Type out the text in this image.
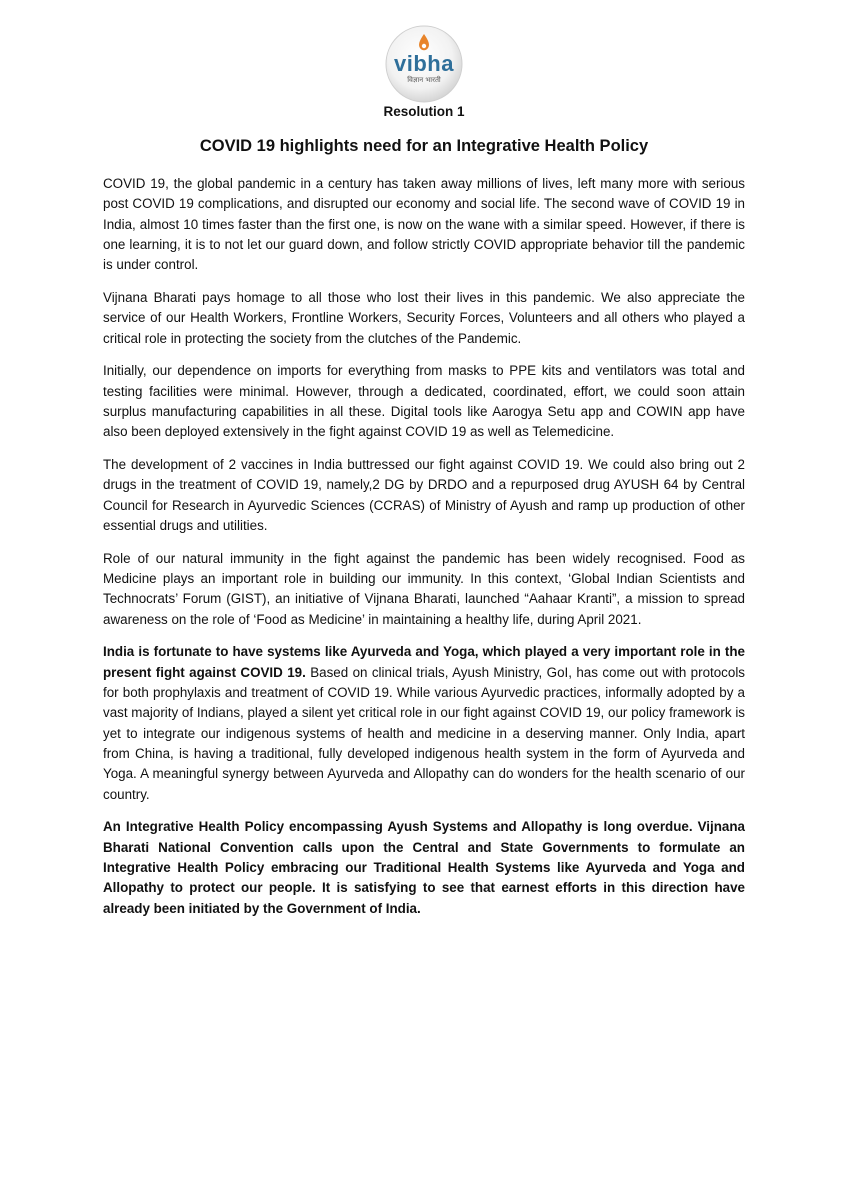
vibha
विज्ञान भारती
Resolution 1
COVID 19 highlights need for an Integrative Health Policy

COVID 19, the global pandemic in a century has taken away millions of lives, left many more with serious post COVID 19 complications, and disrupted our economy and social life. The second wave of COVID 19 in India, almost 10 times faster than the first one, is now on the wane with a similar speed. However, if there is one learning, it is to not let our guard down, and follow strictly COVID appropriate behavior till the pandemic is under control.

Vijnana Bharati pays homage to all those who lost their lives in this pandemic. We also appreciate the service of our Health Workers, Frontline Workers, Security Forces, Volunteers and all others who played a critical role in protecting the society from the clutches of the Pandemic.

Initially, our dependence on imports for everything from masks to PPE kits and ventilators was total and testing facilities were minimal. However, through a dedicated, coordinated, effort, we could soon attain surplus manufacturing capabilities in all these. Digital tools like Aarogya Setu app and COWIN app have also been deployed extensively in the fight against COVID 19 as well as Telemedicine.

The development of 2 vaccines in India buttressed our fight against COVID 19. We could also bring out 2 drugs in the treatment of COVID 19, namely,2 DG by DRDO and a repurposed drug AYUSH 64 by Central Council for Research in Ayurvedic Sciences (CCRAS) of Ministry of Ayush and ramp up production of other essential drugs and utilities.

Role of our natural immunity in the fight against the pandemic has been widely recognised. Food as Medicine plays an important role in building our immunity. In this context, ‘Global Indian Scientists and Technocrats’ Forum (GIST), an initiative of Vijnana Bharati, launched “Aahaar Kranti”, a mission to spread awareness on the role of ‘Food as Medicine’ in maintaining a healthy life, during April 2021.

India is fortunate to have systems like Ayurveda and Yoga, which played a very important role in the present fight against COVID 19. Based on clinical trials, Ayush Ministry, GoI, has come out with protocols for both prophylaxis and treatment of COVID 19. While various Ayurvedic practices, informally adopted by a vast majority of Indians, played a silent yet critical role in our fight against COVID 19, our policy framework is yet to integrate our indigenous systems of health and medicine in a deserving manner. Only India, apart from China, is having a traditional, fully developed indigenous health system in the form of Ayurveda and Yoga. A meaningful synergy between Ayurveda and Allopathy can do wonders for the health scenario of our country.

An Integrative Health Policy encompassing Ayush Systems and Allopathy is long overdue. Vijnana Bharati National Convention calls upon the Central and State Governments to formulate an Integrative Health Policy embracing our Traditional Health Systems like Ayurveda and Yoga and Allopathy to protect our people. It is satisfying to see that earnest efforts in this direction have already been initiated by the Government of India.
